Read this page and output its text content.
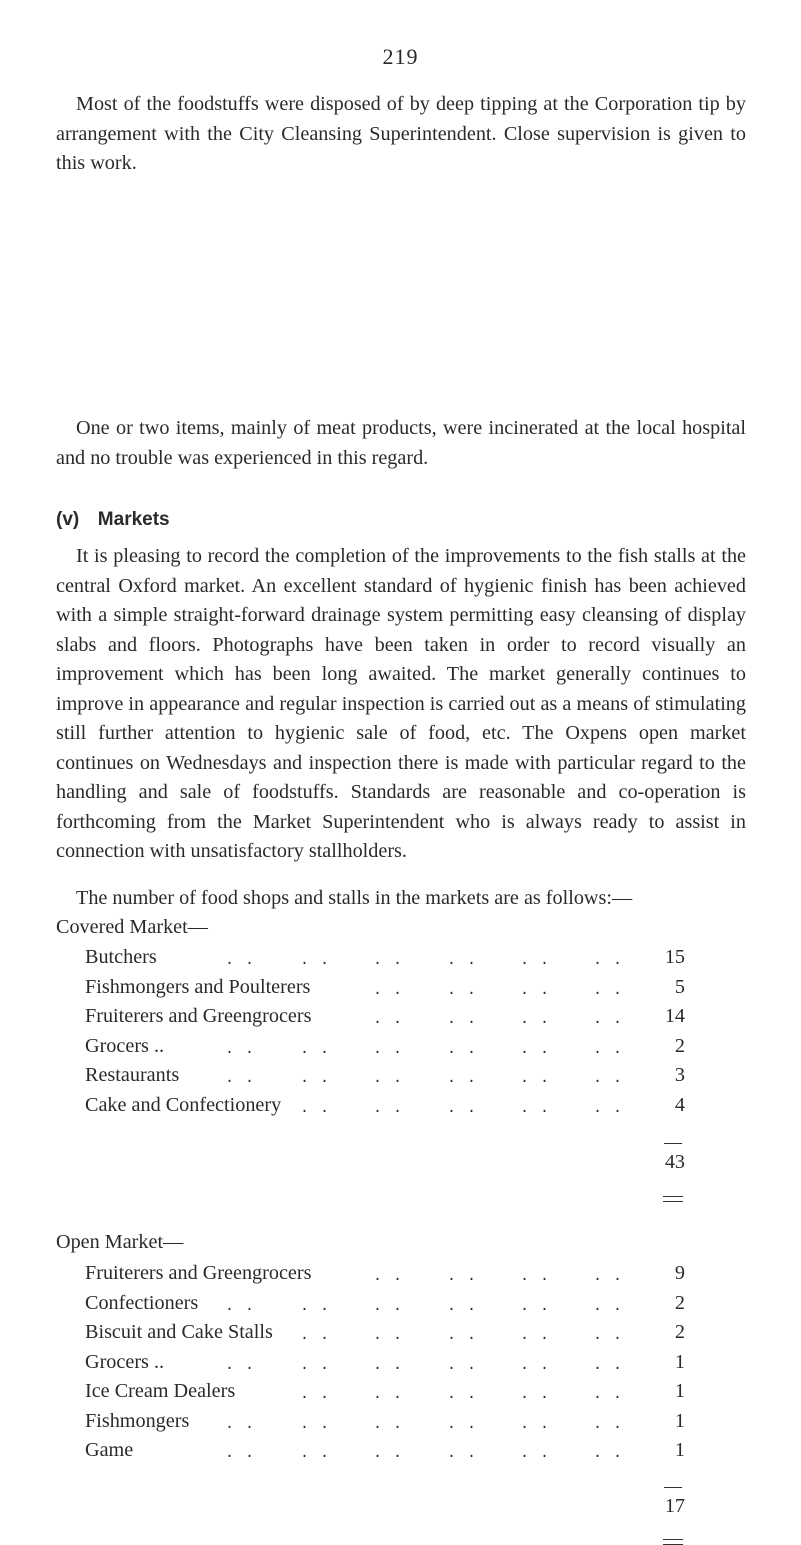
219

Most of the foodstuffs were disposed of by deep tipping at the Corporation tip by arrangement with the City Cleansing Superintendent. Close supervision is given to this work.

One or two items, mainly of meat products, were incinerated at the local hospital and no trouble was experienced in this regard.

(v) Markets

It is pleasing to record the completion of the improvements to the fish stalls at the central Oxford market. An excellent standard of hygienic finish has been achieved with a simple straight-forward drainage system permitting easy cleansing of display slabs and floors. Photographs have been taken in order to record visually an improvement which has been long awaited. The market generally continues to improve in appearance and regular inspection is carried out as a means of stimulating still further attention to hygienic sale of food, etc. The Oxpens open market continues on Wednesdays and inspection there is made with particular regard to the handling and sale of foodstuffs. Standards are reasonable and co-operation is forthcoming from the Market Superintendent who is always ready to assist in connection with unsatisfactory stallholders.

The number of food shops and stalls in the markets are as follows:—

Covered Market—
. .	. .	. .	. .	. .	. .
Butchers	15
. .	. .	. .	. .
Fishmongers and Poulterers	5
. .	. .	. .	. .
Fruiterers and Greengrocers	14
. .	. .	. .	. .	. .	. .
Grocers ..	2
. .	. .	. .	. .	. .	. .
Restaurants	3
. .	. .	. .	. .	. .
Cake and Confectionery	4
43
Open Market—
. .	. .	. .	. .
Fruiterers and Greengrocers	9
. .	. .	. .	. .	. .	. .
Confectioners	2
. .	. .	. .	. .	. .
Biscuit and Cake Stalls	2
. .	. .	. .	. .	. .	. .
Grocers ..	1
. .	. .	. .	. .	. .
Ice Cream Dealers	1
. .	. .	. .	. .	. .	. .
Fishmongers	1
. .	. .	. .	. .	. .	. .
Game	1
17
